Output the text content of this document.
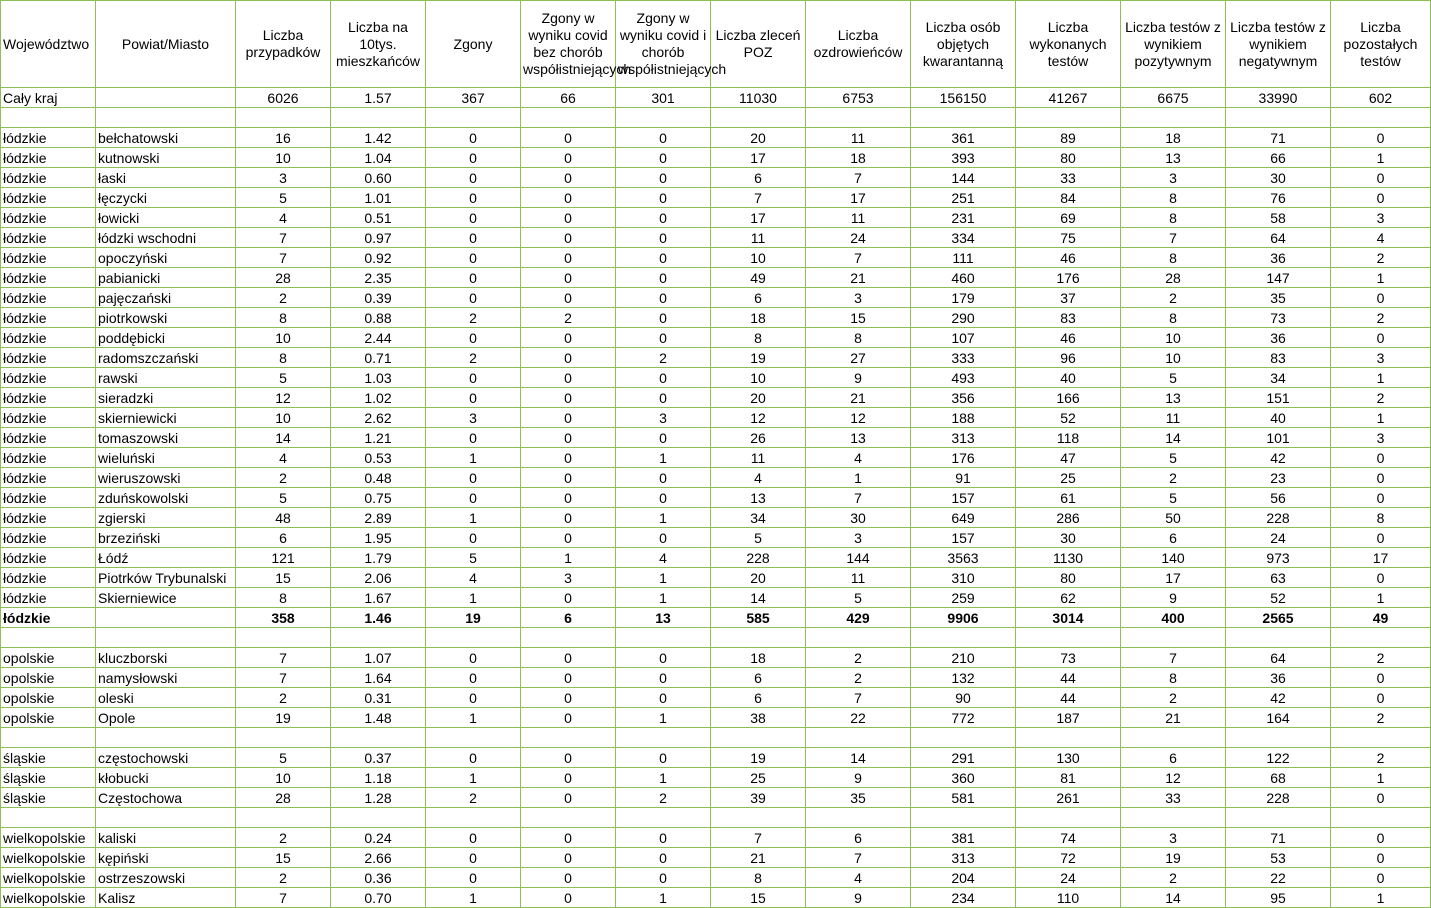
Województwo	Powiat/Miasto	Liczba przypadków	Liczba na 10tys. mieszkańców	Zgony	Zgony w wyniku covid bez chorób współistniejących	Zgony w wyniku covid i chorób współistniejących	Liczba zleceń POZ	Liczba ozdrowieńców	Liczba osób objętych kwarantanną	Liczba wykonanych testów	Liczba testów z wynikiem pozytywnym	Liczba testów z wynikiem negatywnym	Liczba pozostałych testów
Cały kraj		6026	1.57	367	66	301	11030	6753	156150	41267	6675	33990	602

łódzkie	bełchatowski	16	1.42	0	0	0	20	11	361	89	18	71	0
łódzkie	kutnowski	10	1.04	0	0	0	17	18	393	80	13	66	1
łódzkie	łaski	3	0.60	0	0	0	6	7	144	33	3	30	0
łódzkie	łęczycki	5	1.01	0	0	0	7	17	251	84	8	76	0
łódzkie	łowicki	4	0.51	0	0	0	17	11	231	69	8	58	3
łódzkie	łódzki wschodni	7	0.97	0	0	0	11	24	334	75	7	64	4
łódzkie	opoczyński	7	0.92	0	0	0	10	7	111	46	8	36	2
łódzkie	pabianicki	28	2.35	0	0	0	49	21	460	176	28	147	1
łódzkie	pajęczański	2	0.39	0	0	0	6	3	179	37	2	35	0
łódzkie	piotrkowski	8	0.88	2	2	0	18	15	290	83	8	73	2
łódzkie	poddębicki	10	2.44	0	0	0	8	8	107	46	10	36	0
łódzkie	radomszczański	8	0.71	2	0	2	19	27	333	96	10	83	3
łódzkie	rawski	5	1.03	0	0	0	10	9	493	40	5	34	1
łódzkie	sieradzki	12	1.02	0	0	0	20	21	356	166	13	151	2
łódzkie	skierniewicki	10	2.62	3	0	3	12	12	188	52	11	40	1
łódzkie	tomaszowski	14	1.21	0	0	0	26	13	313	118	14	101	3
łódzkie	wieluński	4	0.53	1	0	1	11	4	176	47	5	42	0
łódzkie	wieruszowski	2	0.48	0	0	0	4	1	91	25	2	23	0
łódzkie	zduńskowolski	5	0.75	0	0	0	13	7	157	61	5	56	0
łódzkie	zgierski	48	2.89	1	0	1	34	30	649	286	50	228	8
łódzkie	brzeziński	6	1.95	0	0	0	5	3	157	30	6	24	0
łódzkie	Łódź	121	1.79	5	1	4	228	144	3563	1130	140	973	17
łódzkie	Piotrków Trybunalski	15	2.06	4	3	1	20	11	310	80	17	63	0
łódzkie	Skierniewice	8	1.67	1	0	1	14	5	259	62	9	52	1
łódzkie		358	1.46	19	6	13	585	429	9906	3014	400	2565	49

opolskie	kluczborski	7	1.07	0	0	0	18	2	210	73	7	64	2
opolskie	namysłowski	7	1.64	0	0	0	6	2	132	44	8	36	0
opolskie	oleski	2	0.31	0	0	0	6	7	90	44	2	42	0
opolskie	Opole	19	1.48	1	0	1	38	22	772	187	21	164	2

śląskie	częstochowski	5	0.37	0	0	0	19	14	291	130	6	122	2
śląskie	kłobucki	10	1.18	1	0	1	25	9	360	81	12	68	1
śląskie	Częstochowa	28	1.28	2	0	2	39	35	581	261	33	228	0

wielkopolskie	kaliski	2	0.24	0	0	0	7	6	381	74	3	71	0
wielkopolskie	kępiński	15	2.66	0	0	0	21	7	313	72	19	53	0
wielkopolskie	ostrzeszowski	2	0.36	0	0	0	8	4	204	24	2	22	0
wielkopolskie	Kalisz	7	0.70	1	0	1	15	9	234	110	14	95	1
